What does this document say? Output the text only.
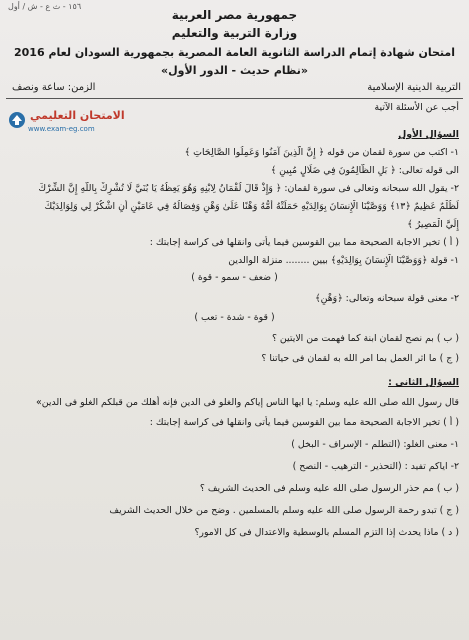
١٥٦ - ث ع - ش / أول
جمهورية مصر العربية
وزارة التربية والتعليم
امتحان شهادة إتمام الدراسة الثانوية العامة المصرية بجمهورية السودان لعام 2016
«نظام حديث - الدور الأول»
التربية الدينية الإسلامية
الزمن: ساعة ونصف
أجب عن الأسئلة الآتية
الامتحان التعليمي
www.exam-eg.com	السؤال الأول
١- اكتب من سورة لقمان من قوله ﴿ إِنَّ الَّذِينَ آمَنُوا وَعَمِلُوا الصَّالِحَاتِ ﴾
الى قوله تعالى: ﴿ بَلِ الظَّالِمُونَ فِي ضَلَالٍ مُبِينٍ ﴾
٢- يقول الله سبحانه وتعالى فى سورة لقمان: ﴿ وَإِذْ قَالَ لُقْمَانُ لِابْنِهِ وَهُوَ يَعِظُهُ يَا بُنَيَّ لَا تُشْرِكْ بِاللَّهِ إِنَّ الشِّرْكَ
لَظُلْمٌ عَظِيمٌ ﴿١٣﴾ وَوَصَّيْنَا الْإِنسَانَ بِوَالِدَيْهِ حَمَلَتْهُ أُمُّهُ وَهْنًا عَلَىٰ وَهْنٍ وَفِصَالُهُ فِي عَامَيْنِ أَنِ اشْكُرْ لِي وَلِوَالِدَيْكَ
إِلَيَّ الْمَصِيرُ ﴾
( أ ) تخير الاجابة الصحيحة مما بين القوسين فيما يأتى وانقلها فى كراسة إجابتك :
١- قولة ﴿وَوَصَّيْنَا الْإِنسَانَ بِوَالِدَيْهِ﴾ بيين ........ منزلة الوالدين
( ضعف - سمو - قوة )
٢- معنى قولة سبحانه وتعالى: ﴿وَهْنٍ﴾
( قوة - شدة - تعب )
( ب ) بم نصح لقمان ابنة كما فهمت من الايتين ؟
( ج ) ما اثر العمل بما امر الله به لقمان فى حياتنا ؟
السؤال الثانى :
قال رسول الله صلى الله عليه وسلم: يا ايها الناس إياكم والغلو فى الدين فإنه أهلك من قبلكم الغلو فى الدين»
( أ ) تخير الاجابة الصحيحة مما بين القوسين فيما يأتى وانقلها فى كراسة إجابتك :
١- معنى الغلو: (التطلم - الإسراف - البخل )
٢- اياكم تفيد : (التحذير - الترهيب - النصح )
( ب ) مم حذر الرسول صلى الله عليه وسلم فى الحديث الشريف ؟
( ج ) تبدو رحمة الرسول صلى الله عليه وسلم بالمسلمين . وضح من خلال الحديث الشريف
( د ) ماذا يحدث إذا التزم المسلم بالوسطية والاعتدال فى كل الامور؟
